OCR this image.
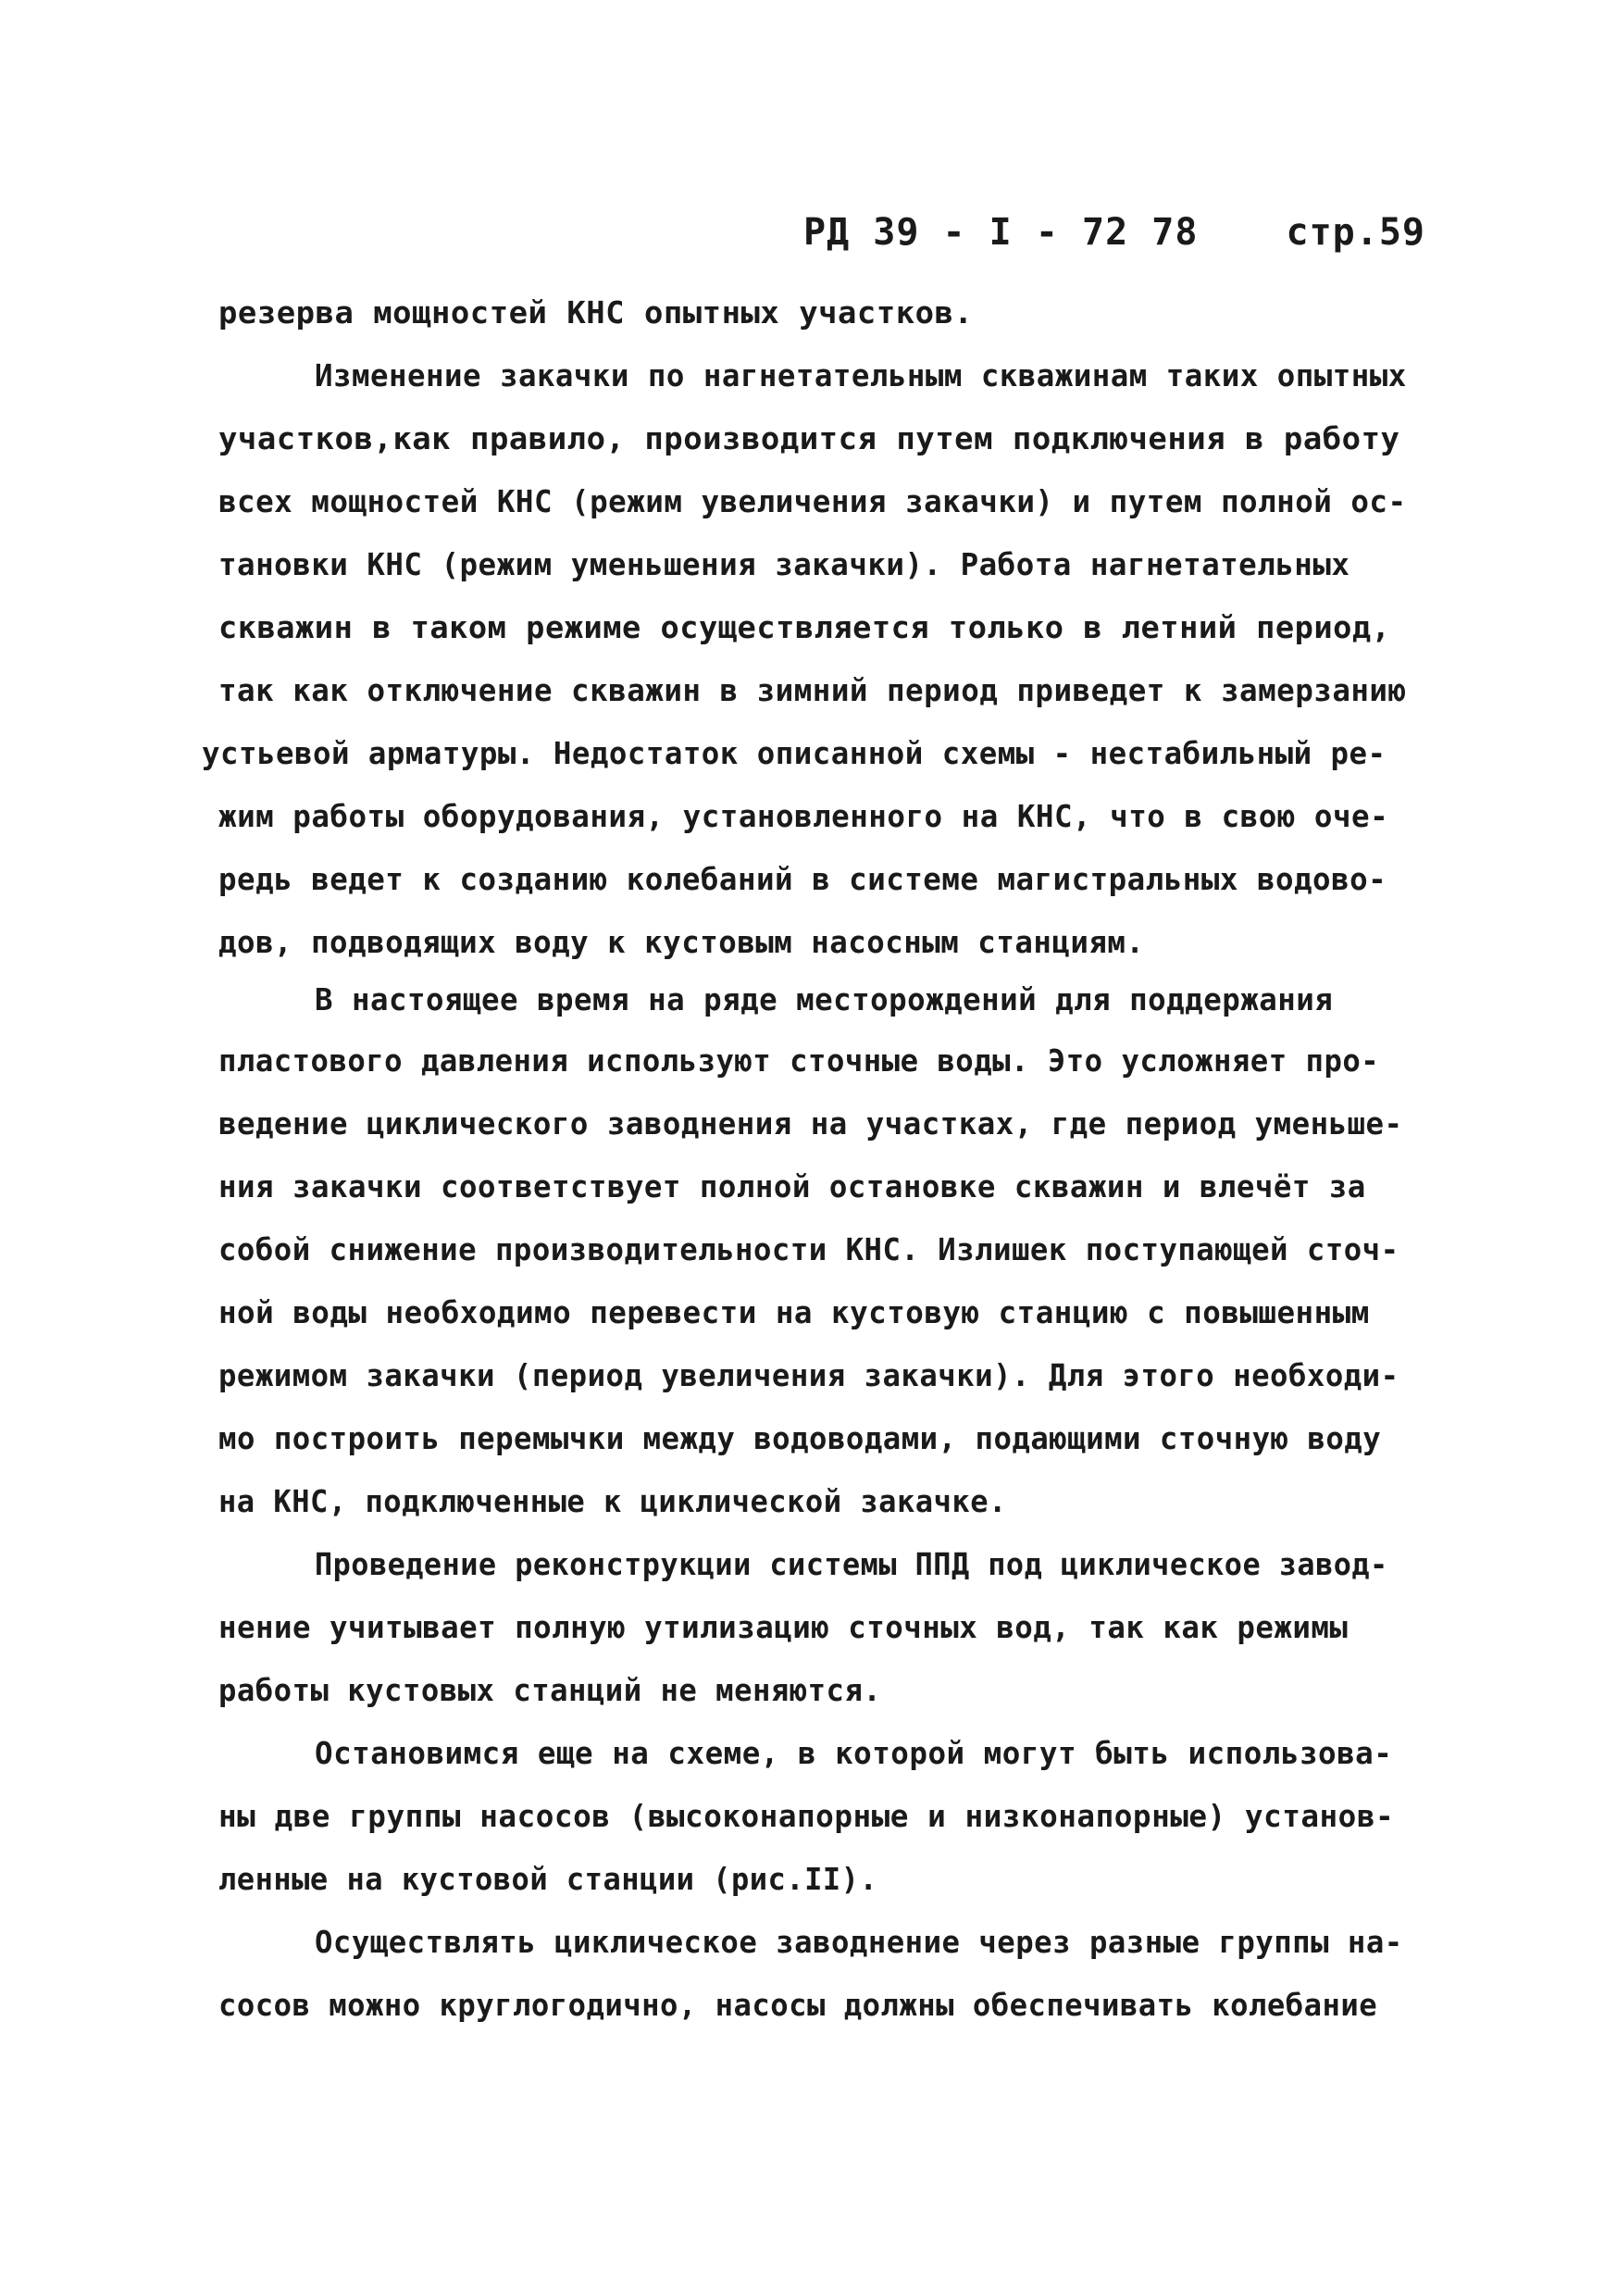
РД 39 - I - 72 78 стр.59
резерва мощностей КНС опытных участков.
Изменение закачки по нагнетательным скважинам таких опытных
участков,как правило, производится путем подключения в работу
всех мощностей КНС (режим увеличения закачки) и путем полной ос-
тановки КНС (режим уменьшения закачки). Работа нагнетательных
скважин в таком режиме осуществляется только в летний период,
так как отключение скважин в зимний период приведет к замерзанию
устьевой арматуры. Недостаток описанной схемы - нестабильный ре-
жим работы оборудования, установленного на КНС, что в свою оче-
редь ведет к созданию колебаний в системе магистральных водово-
дов, подводящих воду к кустовым насосным станциям.
В настоящее время на ряде месторождений для поддержания
пластового давления используют сточные воды. Это усложняет про-
ведение циклического заводнения на участках, где период уменьше-
ния закачки соответствует полной остановке скважин и влечёт за
собой снижение производительности КНС. Излишек поступающей сточ-
ной воды необходимо перевести на кустовую станцию с повышенным
режимом закачки (период увеличения закачки). Для этого необходи-
мо построить перемычки между водоводами, подающими сточную воду
на КНС, подключенные к циклической закачке.
Проведение реконструкции системы ППД под циклическое завод-
нение учитывает полную утилизацию сточных вод, так как режимы
работы кустовых станций не меняются.
Остановимся еще на схеме, в которой могут быть использова-
ны две группы насосов (высоконапорные и низконапорные) установ-
ленные на кустовой станции (рис.II).
Осуществлять циклическое заводнение через разные группы на-
сосов можно круглогодично, насосы должны обеспечивать колебание
